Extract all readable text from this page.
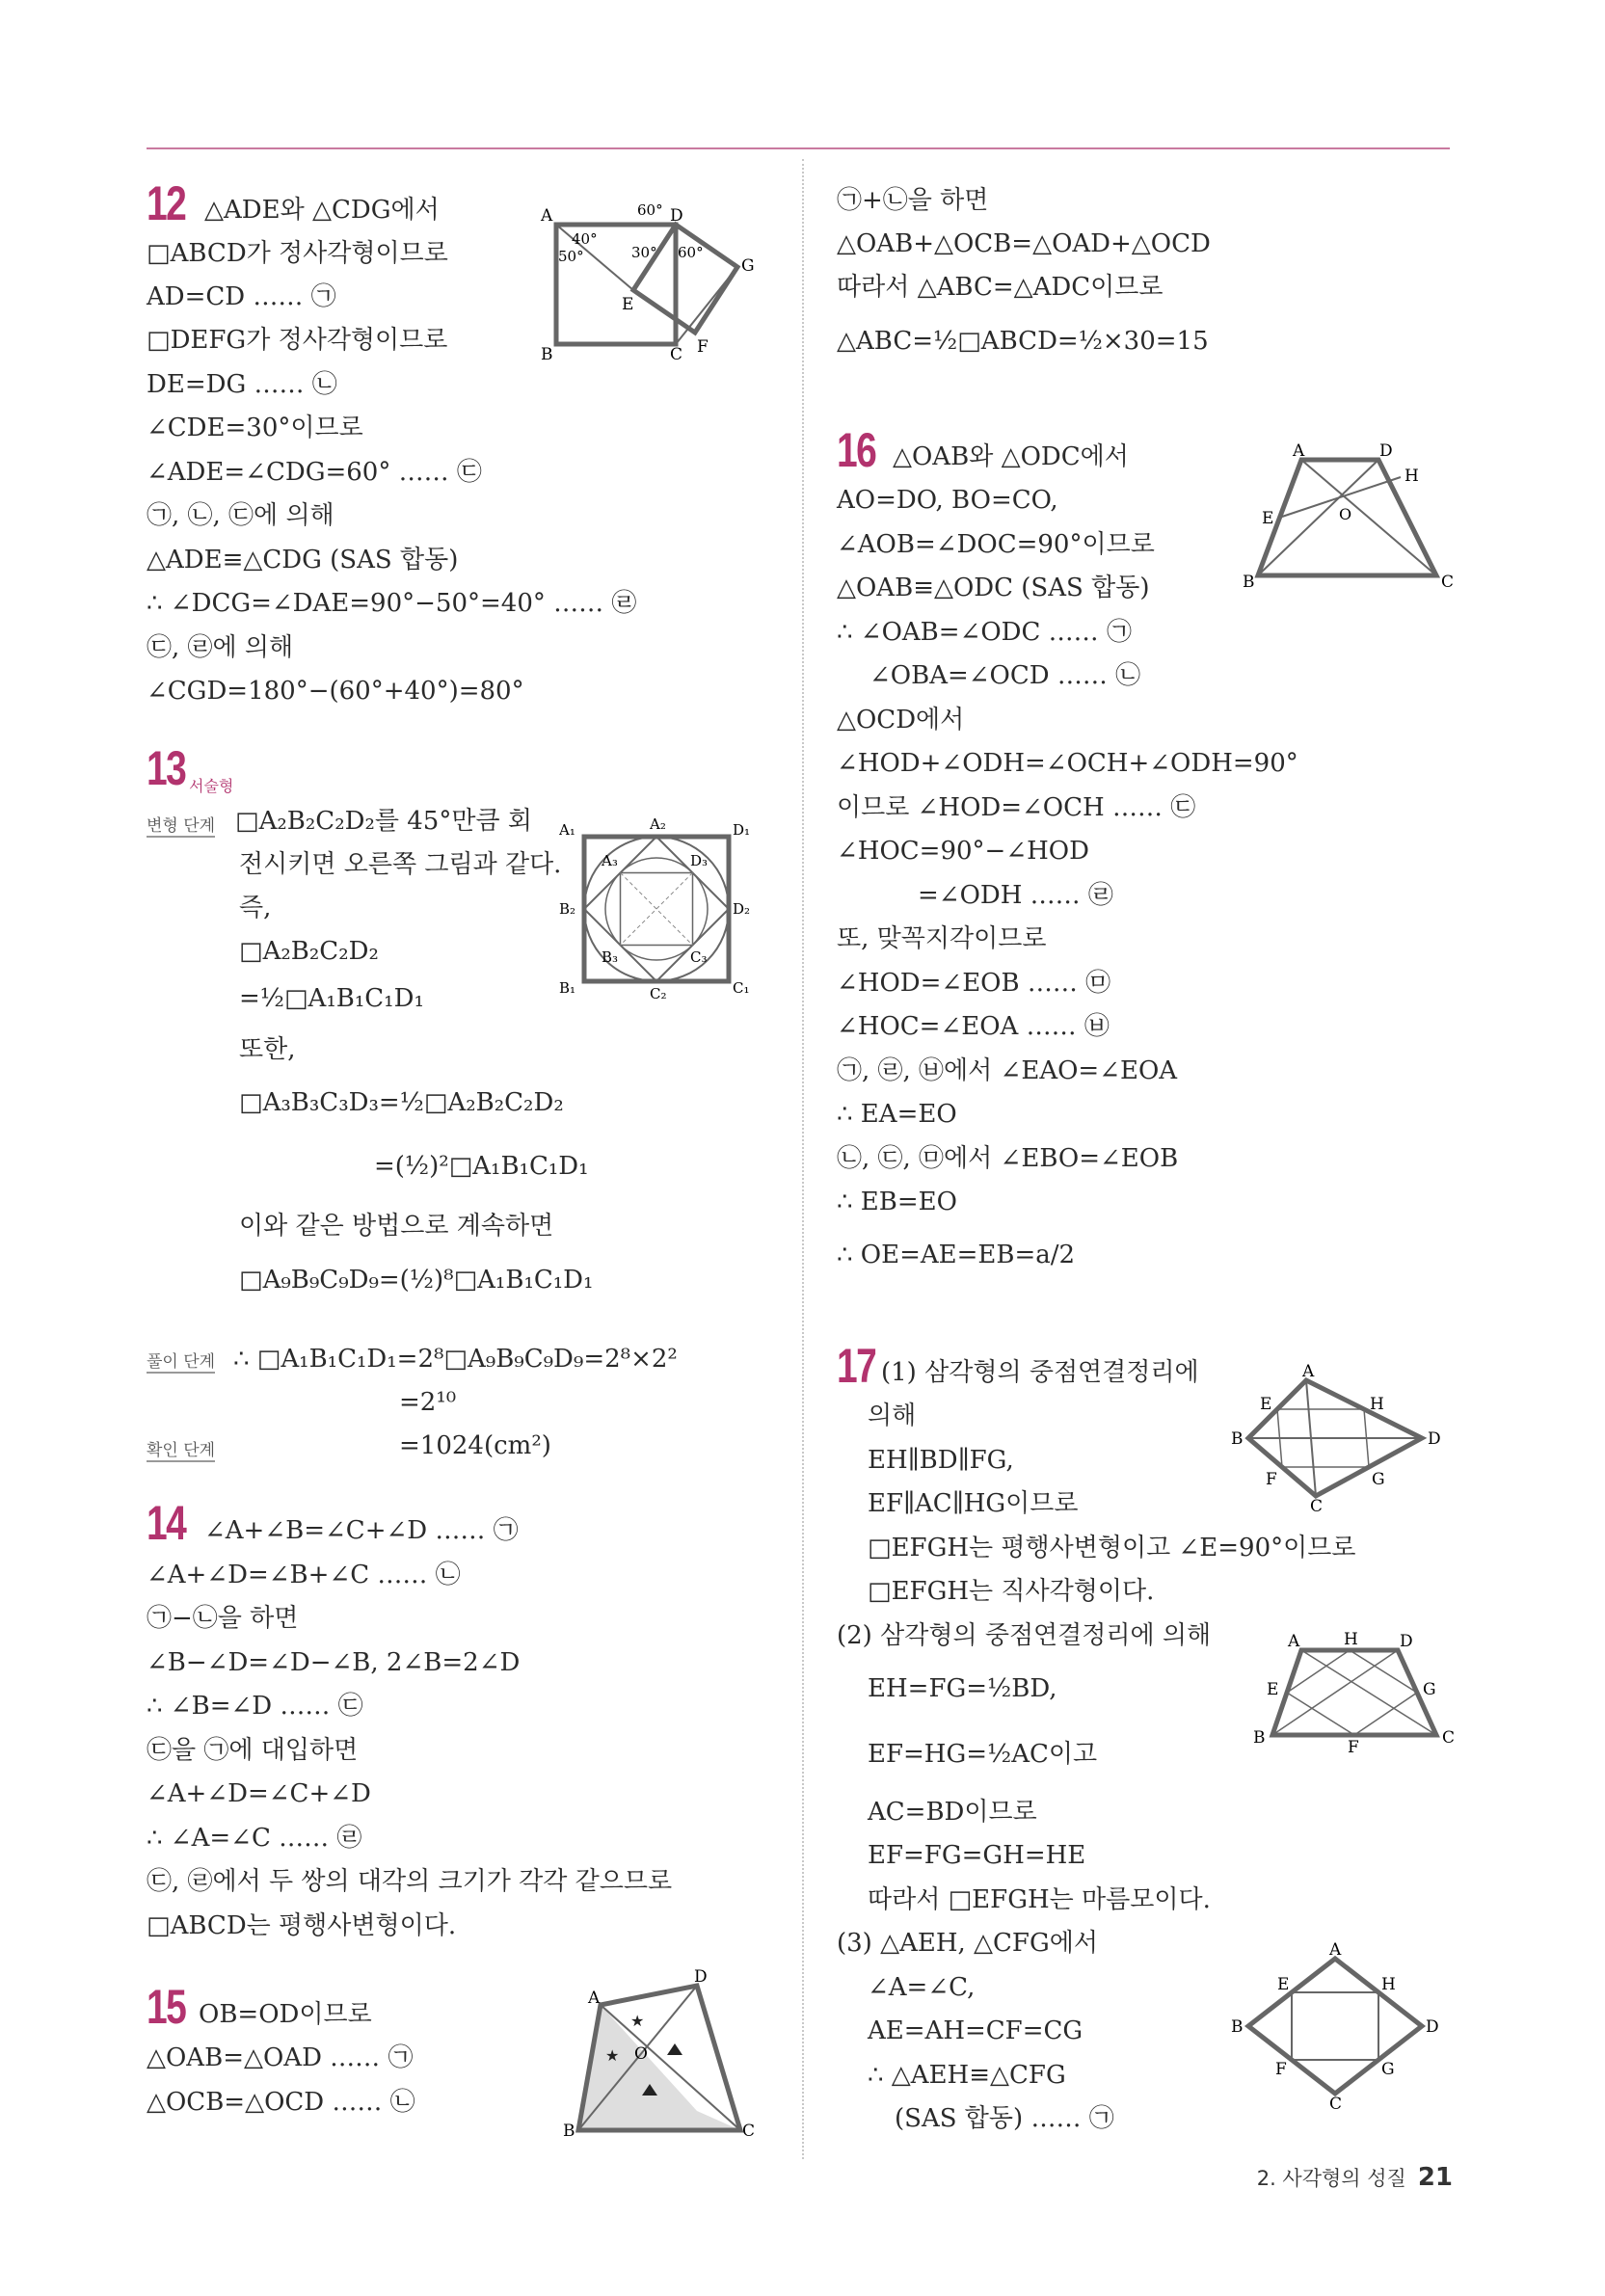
12 △ADE와 △CDG에서
□ABCD가 정사각형이므로
AD=CD …… ㉠
□DEFG가 정사각형이므로
DE=DG …… ㉡
∠CDE=30°이므로
∠ADE=∠CDG=60° …… ㉢
㉠, ㉡, ㉢에 의해
△ADE≡△CDG (SAS 합동)
∴ ∠DCG=∠DAE=90°−50°=40° …… ㉣
㉢, ㉣에 의해
∠CGD=180°−(60°+40°)=80°
13 서술형
변형 단계 □A₂B₂C₂D₂를 45°만큼 회
전시키면 오른쪽 그림과 같다.
즉,
□A₂B₂C₂D₂
=½□A₁B₁C₁D₁
또한,
□A₃B₃C₃D₃=½□A₂B₂C₂D₂
=(½)²□A₁B₁C₁D₁
이와 같은 방법으로 계속하면
□A₉B₉C₉D₉=(½)⁸□A₁B₁C₁D₁
풀이 단계 ∴ □A₁B₁C₁D₁=2⁸□A₉B₉C₉D₉=2⁸×2²
=2¹⁰
확인 단계	=1024(cm²)
14 ∠A+∠B=∠C+∠D …… ㉠
∠A+∠D=∠B+∠C …… ㉡
㉠−㉡을 하면
∠B−∠D=∠D−∠B, 2∠B=2∠D
∴ ∠B=∠D …… ㉢
㉢을 ㉠에 대입하면
∠A+∠D=∠C+∠D
∴ ∠A=∠C …… ㉣
㉢, ㉣에서 두 쌍의 대각의 크기가 각각 같으므로
□ABCD는 평행사변형이다.
15 OB=OD이므로
△OAB=△OAD …… ㉠
△OCB=△OCD …… ㉡
㉠+㉡을 하면
△OAB+△OCB=△OAD+△OCD
따라서 △ABC=△ADC이므로
△ABC=½□ABCD=½×30=15
16 △OAB와 △ODC에서
AO=DO, BO=CO,
∠AOB=∠DOC=90°이므로
△OAB≡△ODC (SAS 합동)
∴ ∠OAB=∠ODC …… ㉠
∠OBA=∠OCD …… ㉡
△OCD에서
∠HOD+∠ODH=∠OCH+∠ODH=90°
이므로 ∠HOD=∠OCH …… ㉢
∠HOC=90°−∠HOD
=∠ODH …… ㉣
또, 맞꼭지각이므로
∠HOD=∠EOB …… ㉤
∠HOC=∠EOA …… ㉥
㉠, ㉣, ㉥에서 ∠EAO=∠EOA
∴ EA=EO
㉡, ㉢, ㉤에서 ∠EBO=∠EOB
∴ EB=EO
∴ OE=AE=EB=a/2
17 (1) 삼각형의 중점연결정리에
의해
EH∥BD∥FG,
EF∥AC∥HG이므로
□EFGH는 평행사변형이고 ∠E=90°이므로
□EFGH는 직사각형이다.
(2) 삼각형의 중점연결정리에 의해
EH=FG=½BD,
EF=HG=½AC이고
AC=BD이므로
EF=FG=GH=HE
따라서 □EFGH는 마름모이다.
(3) △AEH, △CFG에서
∠A=∠C,
AE=AH=CF=CG
∴ △AEH≡△CFG
(SAS 합동) …… ㉠
A	60° D
40°
50°	30° 60°
G
E
B	C F
A₁	A₂	D₁
A₃	D₃
B₂	D₂
B₃	C₃
B₁	C₂	C₁
A
D
O
B	C
★
★
A	D
H
E	O
B	C
A
E	H
B	D
F	G
C
A	H	D
E	G
B	F	C
A
E	H
B	D
F	G
C
2. 사각형의 성질 21
